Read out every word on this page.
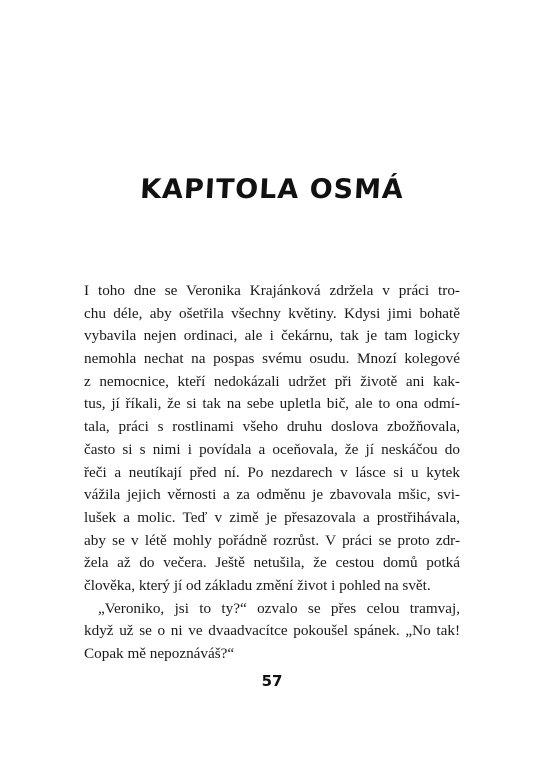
KAPITOLA OSMÁ
I toho dne se Veronika Krajánková zdržela v práci tro-
chu déle, aby ošetřila všechny květiny. Kdysi jimi bohatě
vybavila nejen ordinaci, ale i čekárnu, tak je tam logicky
nemohla nechat na pospas svému osudu. Mnozí kolegové
z nemocnice, kteří nedokázali udržet při životě ani kak-
tus, jí říkali, že si tak na sebe upletla bič, ale to ona odmí-
tala, práci s rostlinami všeho druhu doslova zbožňovala,
často si s nimi i povídala a oceňovala, že jí neskáčou do
řeči a neutíkají před ní. Po nezdarech v lásce si u kytek
vážila jejich věrnosti a za odměnu je zbavovala mšic, svi-
lušek a molic. Teď v zimě je přesazovala a prostřihávala,
aby se v létě mohly pořádně rozrůst. V práci se proto zdr-
žela až do večera. Ještě netušila, že cestou domů potká
člověka, který jí od základu změní život i pohled na svět.
„Veroniko, jsi to ty?“ ozvalo se přes celou tramvaj,
když už se o ni ve dvaadvacítce pokoušel spánek. „No tak!
Copak mě nepoznáváš?“
57
